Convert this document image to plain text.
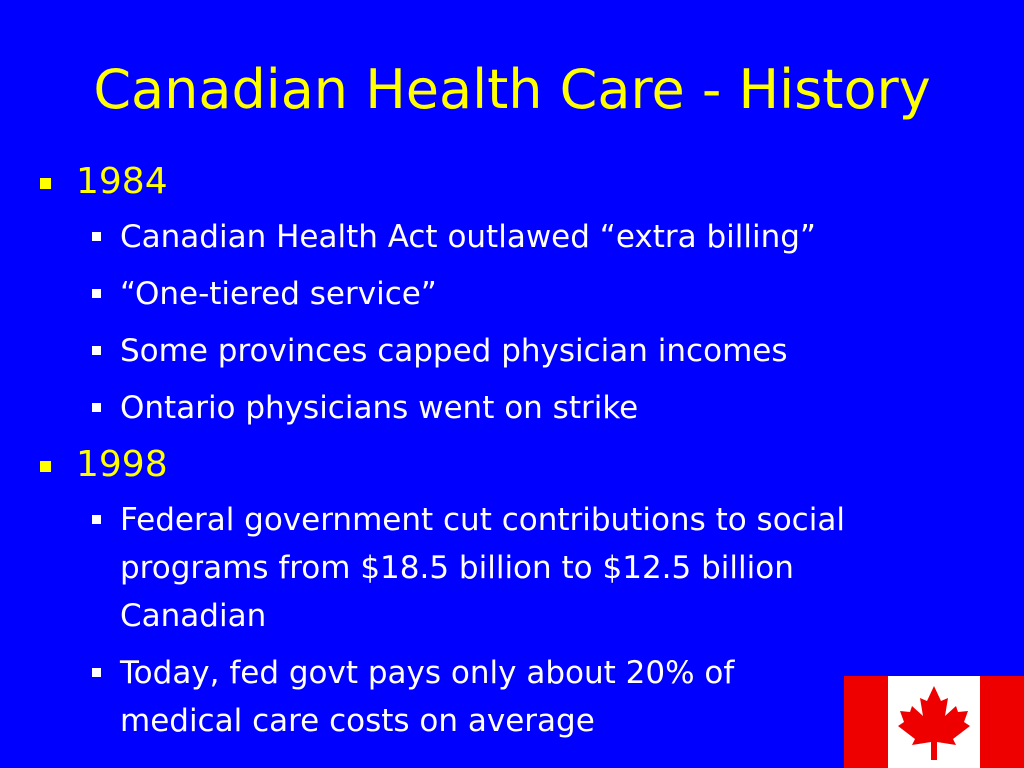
Canadian Health Care - History
1984
Canadian Health Act outlawed “extra billing”
“One-tiered service”
Some provinces capped physician incomes
Ontario physicians went on strike
1998
Federal government cut contributions to social programs from $18.5 billion to $12.5 billion Canadian
Today, fed govt pays only about 20% of medical care costs on average
